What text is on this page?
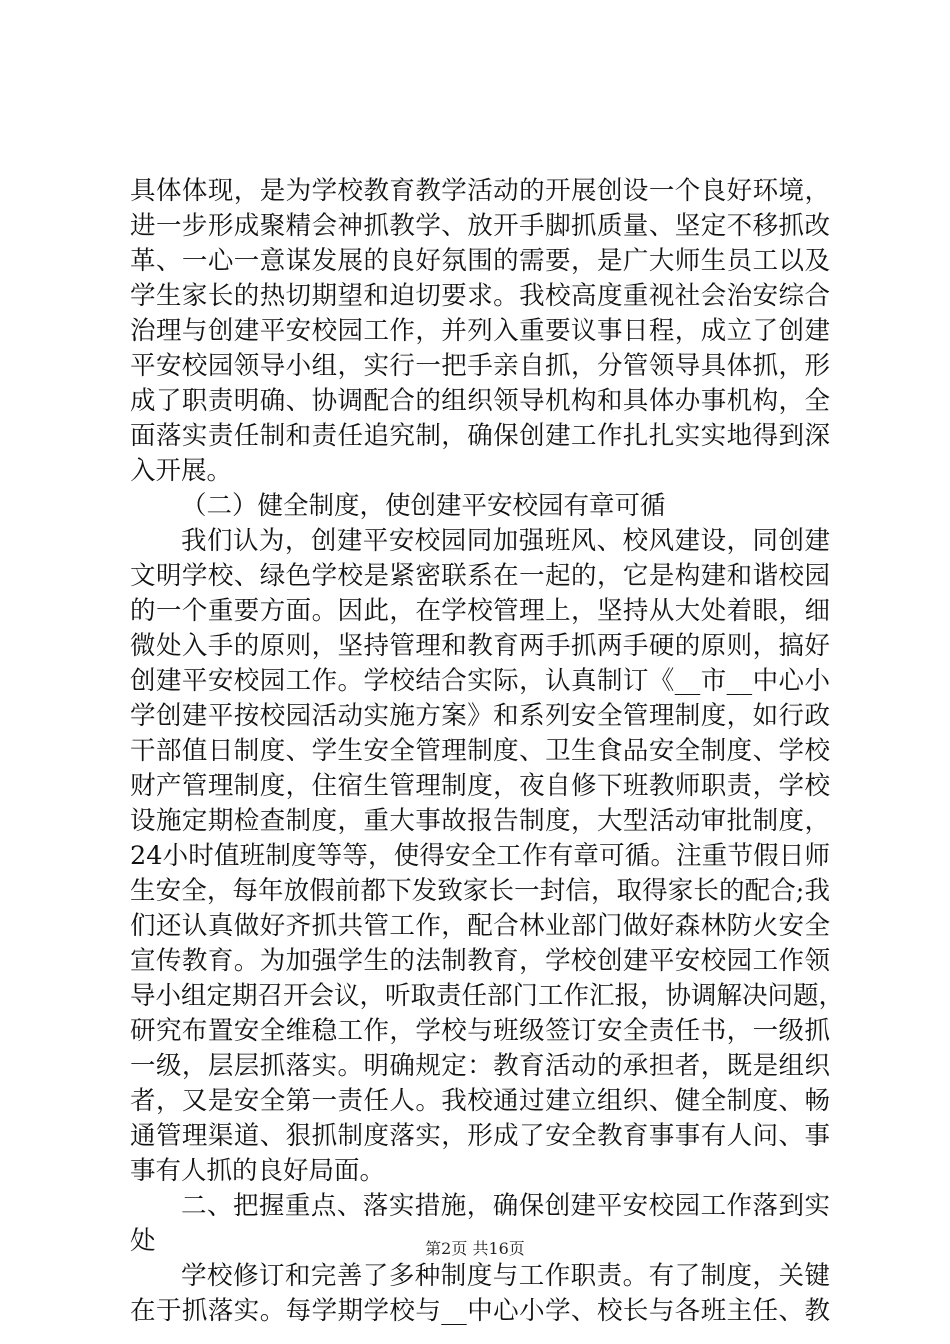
具体体现，是为学校教育教学活动的开展创设一个良好环境，
进一步形成聚精会神抓教学、放开手脚抓质量、坚定不移抓改
革、一心一意谋发展的良好氛围的需要，是广大师生员工以及
学生家长的热切期望和迫切要求。我校高度重视社会治安综合
治理与创建平安校园工作，并列入重要议事日程，成立了创建
平安校园领导小组，实行一把手亲自抓，分管领导具体抓，形
成了职责明确、协调配合的组织领导机构和具体办事机构，全
面落实责任制和责任追究制，确保创建工作扎扎实实地得到深
入开展。
（二）健全制度，使创建平安校园有章可循
我们认为，创建平安校园同加强班风、校风建设，同创建
文明学校、绿色学校是紧密联系在一起的，它是构建和谐校园
的一个重要方面。因此，在学校管理上，坚持从大处着眼，细
微处入手的原则，坚持管理和教育两手抓两手硬的原则，搞好
创建平安校园工作。学校结合实际，认真制订《__市__中心小
学创建平按校园活动实施方案》和系列安全管理制度，如行政
干部值日制度、学生安全管理制度、卫生食品安全制度、学校
财产管理制度，住宿生管理制度，夜自修下班教师职责，学校
设施定期检查制度，重大事故报告制度，大型活动审批制度，
24小时值班制度等等，使得安全工作有章可循。注重节假日师
生安全，每年放假前都下发致家长一封信，取得家长的配合;我
们还认真做好齐抓共管工作，配合林业部门做好森林防火安全
宣传教育。为加强学生的法制教育，学校创建平安校园工作领
导小组定期召开会议，听取责任部门工作汇报，协调解决问题，
研究布置安全维稳工作，学校与班级签订安全责任书，一级抓
一级，层层抓落实。明确规定：教育活动的承担者，既是组织
者，又是安全第一责任人。我校通过建立组织、健全制度、畅
通管理渠道、狠抓制度落实，形成了安全教育事事有人问、事
事有人抓的良好局面。
二、把握重点、落实措施，确保创建平安校园工作落到实
处
学校修订和完善了多种制度与工作职责。有了制度，关键
在于抓落实。每学期学校与__中心小学、校长与各班主任、教
第2页 共16页
